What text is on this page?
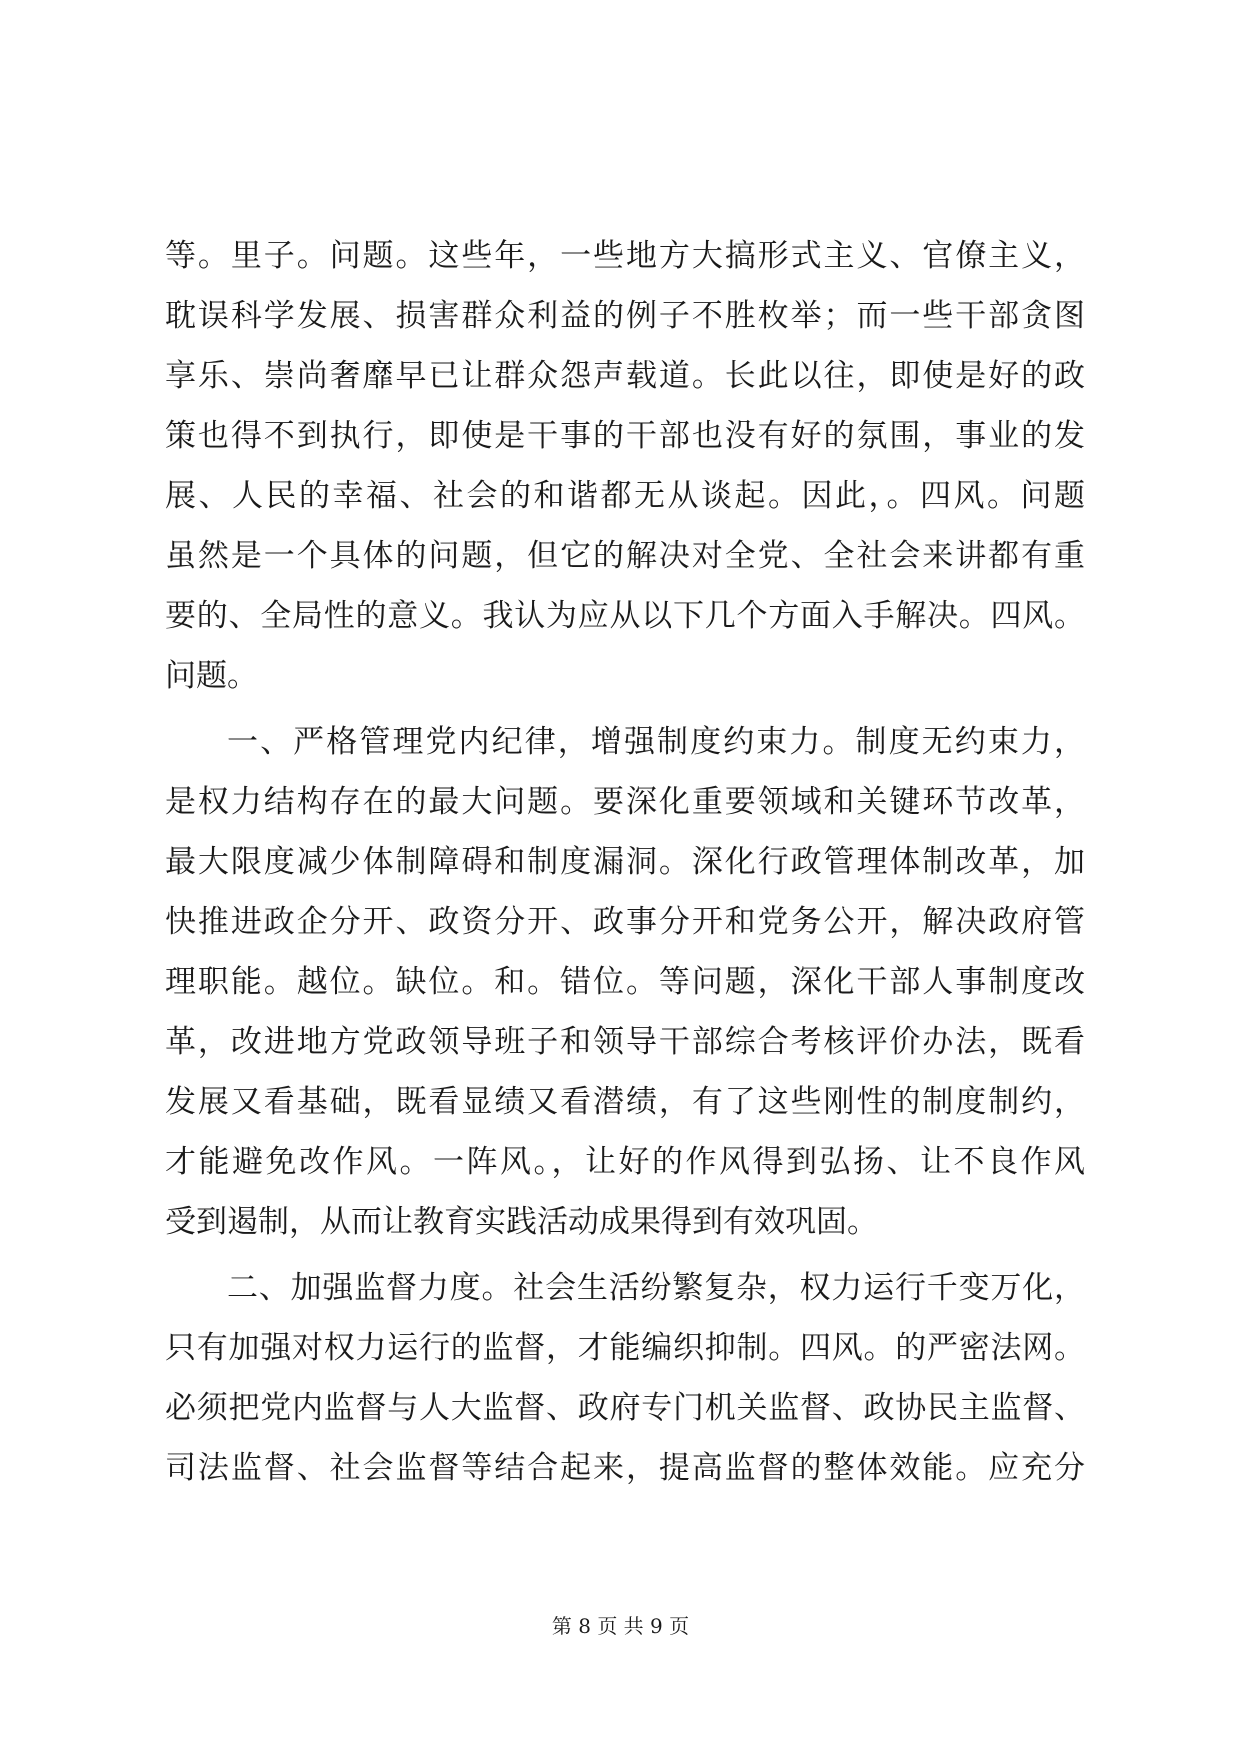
等。里子。问题。这些年，一些地方大搞形式主义、官僚主义，
耽误科学发展、损害群众利益的例子不胜枚举；而一些干部贪图
享乐、崇尚奢靡早已让群众怨声载道。长此以往，即使是好的政
策也得不到执行，即使是干事的干部也没有好的氛围，事业的发
展、人民的幸福、社会的和谐都无从谈起。因此，。四风。问题
虽然是一个具体的问题，但它的解决对全党、全社会来讲都有重
要的、全局性的意义。我认为应从以下几个方面入手解决。四风。
问题。
一、严格管理党内纪律，增强制度约束力。制度无约束力，
是权力结构存在的最大问题。要深化重要领域和关键环节改革，
最大限度减少体制障碍和制度漏洞。深化行政管理体制改革，加
快推进政企分开、政资分开、政事分开和党务公开，解决政府管
理职能。越位。缺位。和。错位。等问题，深化干部人事制度改
革，改进地方党政领导班子和领导干部综合考核评价办法，既看
发展又看基础，既看显绩又看潜绩，有了这些刚性的制度制约，
才能避免改作风。一阵风。，让好的作风得到弘扬、让不良作风
受到遏制，从而让教育实践活动成果得到有效巩固。
二、加强监督力度。社会生活纷繁复杂，权力运行千变万化，
只有加强对权力运行的监督，才能编织抑制。四风。的严密法网。
必须把党内监督与人大监督、政府专门机关监督、政协民主监督、
司法监督、社会监督等结合起来，提高监督的整体效能。应充分
第 8 页 共 9 页
